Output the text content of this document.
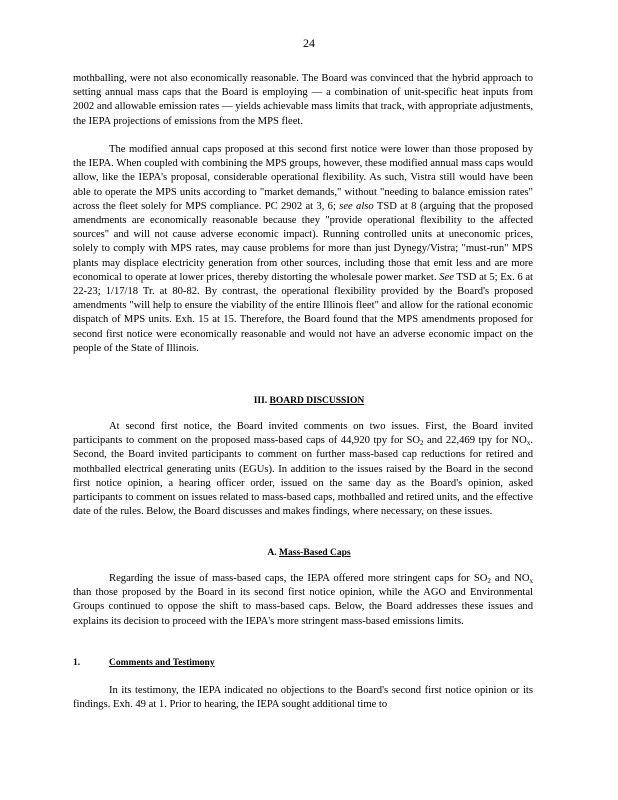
24

mothballing, were not also economically reasonable. The Board was convinced that the hybrid approach to setting annual mass caps that the Board is employing — a combination of unit-specific heat inputs from 2002 and allowable emission rates — yields achievable mass limits that track, with appropriate adjustments, the IEPA projections of emissions from the MPS fleet.

The modified annual caps proposed at this second first notice were lower than those proposed by the IEPA. When coupled with combining the MPS groups, however, these modified annual mass caps would allow, like the IEPA's proposal, considerable operational flexibility. As such, Vistra still would have been able to operate the MPS units according to "market demands," without "needing to balance emission rates" across the fleet solely for MPS compliance. PC 2902 at 3, 6; see also TSD at 8 (arguing that the proposed amendments are economically reasonable because they "provide operational flexibility to the affected sources" and will not cause adverse economic impact). Running controlled units at uneconomic prices, solely to comply with MPS rates, may cause problems for more than just Dynegy/Vistra; "must-run" MPS plants may displace electricity generation from other sources, including those that emit less and are more economical to operate at lower prices, thereby distorting the wholesale power market. See TSD at 5; Ex. 6 at 22-23; 1/17/18 Tr. at 80-82. By contrast, the operational flexibility provided by the Board's proposed amendments "will help to ensure the viability of the entire Illinois fleet" and allow for the rational economic dispatch of MPS units. Exh. 15 at 15. Therefore, the Board found that the MPS amendments proposed for second first notice were economically reasonable and would not have an adverse economic impact on the people of the State of Illinois.

III. BOARD DISCUSSION

At second first notice, the Board invited comments on two issues. First, the Board invited participants to comment on the proposed mass-based caps of 44,920 tpy for $SO_2$ and 22,469 tpy for $NO_x$. Second, the Board invited participants to comment on further mass-based cap reductions for retired and mothballed electrical generating units (EGUs). In addition to the issues raised by the Board in the second first notice opinion, a hearing officer order, issued on the same day as the Board's opinion, asked participants to comment on issues related to mass-based caps, mothballed and retired units, and the effective date of the rules. Below, the Board discusses and makes findings, where necessary, on these issues.

A. Mass-Based Caps

Regarding the issue of mass-based caps, the IEPA offered more stringent caps for $SO_2$ and $NO_x$ than those proposed by the Board in its second first notice opinion, while the AGO and Environmental Groups continued to oppose the shift to mass-based caps. Below, the Board addresses these issues and explains its decision to proceed with the IEPA's more stringent mass-based emissions limits.

1.	Comments and Testimony

In its testimony, the IEPA indicated no objections to the Board's second first notice opinion or its findings. Exh. 49 at 1. Prior to hearing, the IEPA sought additional time to
